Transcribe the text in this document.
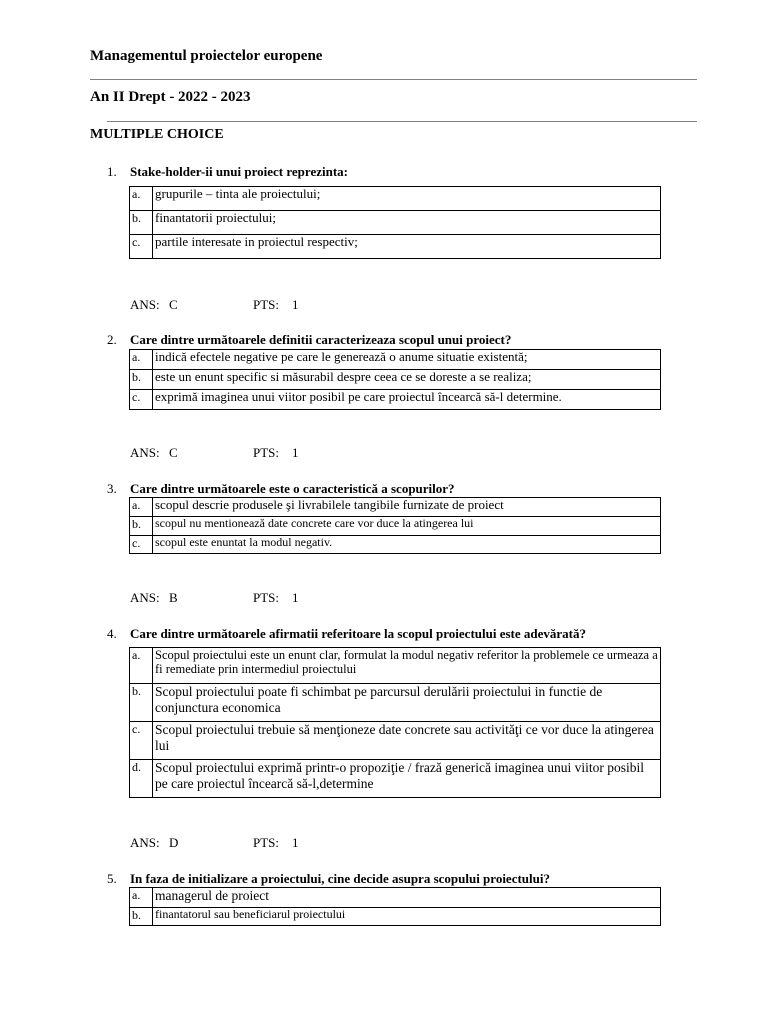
Managementul proiectelor europene
An II Drept - 2022 - 2023
MULTIPLE CHOICE
1. Stake-holder-ii unui proiect reprezinta:
a.	grupurile – tinta ale proiectului;
b.	finantatorii proiectului;
c.	partile interesate in proiectul respectiv;
ANS: C	PTS: 1
2. Care dintre următoarele definitii caracterizeaza scopul unui proiect?
a.	indică efectele negative pe care le generează o anume situatie existentă;
b.	este un enunt specific si măsurabil despre ceea ce se doreste a se realiza;
c.	exprimă imaginea unui viitor posibil pe care proiectul încearcă să-l determine.
ANS: C	PTS: 1
3. Care dintre următoarele este o caracteristică a scopurilor?
a.	scopul descrie produsele şi livrabilele tangibile furnizate de proiect
b.	scopul nu mentionează date concrete care vor duce la atingerea lui
c.	scopul este enuntat la modul negativ.
ANS: B	PTS: 1
4. Care dintre următoarele afirmatii referitoare la scopul proiectului este adevărată?
a.	Scopul proiectului este un enunt clar, formulat la modul negativ referitor la problemele ce urmeaza a fi remediate prin intermediul proiectului
b.	Scopul proiectului poate fi schimbat pe parcursul derulării proiectului in functie de conjunctura economica
c.	Scopul proiectului trebuie să menţioneze date concrete sau activităţi ce vor duce la atingerea lui
d.	Scopul proiectului exprimă printr-o propoziţie / frază generică imaginea unui viitor posibil pe care proiectul încearcă să-l,determine
ANS: D	PTS: 1
5. In faza de initializare a proiectului, cine decide asupra scopului proiectului?
a.	managerul de proiect
b.	finantatorul sau beneficiarul proiectului
